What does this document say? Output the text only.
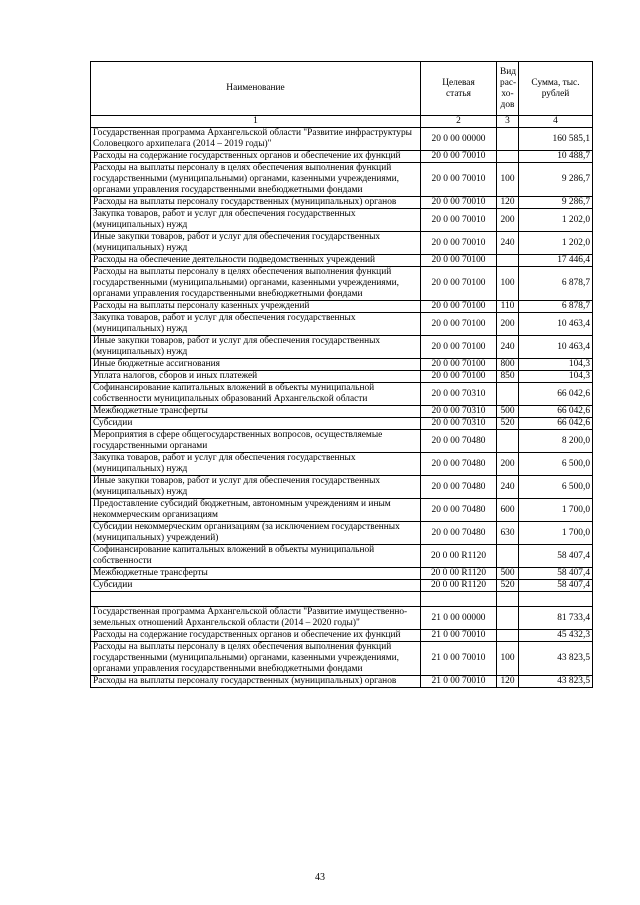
Наименование	Целевая статья	Вид рас-хо-дов	Сумма, тыс. рублей
1	2	3	4
Государственная программа Архангельской области "Развитие инфраструктуры Соловецкого архипелага (2014 – 2019 годы)"	20 0 00 00000		160 585,1
Расходы на содержание государственных органов и обеспечение их функций	20 0 00 70010		10 488,7
Расходы на выплаты персоналу в целях обеспечения выполнения функций государственными (муниципальными) органами, казенными учреждениями, органами управления государственными внебюджетными фондами	20 0 00 70010	100	9 286,7
Расходы на выплаты персоналу государственных (муниципальных) органов	20 0 00 70010	120	9 286,7
Закупка товаров, работ и услуг для обеспечения государственных (муниципальных) нужд	20 0 00 70010	200	1 202,0
Иные закупки товаров, работ и услуг для обеспечения государственных (муниципальных) нужд	20 0 00 70010	240	1 202,0
Расходы на обеспечение деятельности подведомственных учреждений	20 0 00 70100		17 446,4
Расходы на выплаты персоналу в целях обеспечения выполнения функций государственными (муниципальными) органами, казенными учреждениями, органами управления государственными внебюджетными фондами	20 0 00 70100	100	6 878,7
Расходы на выплаты персоналу казенных учреждений	20 0 00 70100	110	6 878,7
Закупка товаров, работ и услуг для обеспечения государственных (муниципальных) нужд	20 0 00 70100	200	10 463,4
Иные закупки товаров, работ и услуг для обеспечения государственных (муниципальных) нужд	20 0 00 70100	240	10 463,4
Иные бюджетные ассигнования	20 0 00 70100	800	104,3
Уплата налогов, сборов и иных платежей	20 0 00 70100	850	104,3
Софинансирование капитальных вложений в объекты муниципальной собственности муниципальных образований Архангельской области	20 0 00 70310		66 042,6
Межбюджетные трансферты	20 0 00 70310	500	66 042,6
Субсидии	20 0 00 70310	520	66 042,6
Мероприятия в сфере общегосударственных вопросов, осуществляемые государственными органами	20 0 00 70480		8 200,0
Закупка товаров, работ и услуг для обеспечения государственных (муниципальных) нужд	20 0 00 70480	200	6 500,0
Иные закупки товаров, работ и услуг для обеспечения государственных (муниципальных) нужд	20 0 00 70480	240	6 500,0
Предоставление субсидий бюджетным, автономным учреждениям и иным некоммерческим организациям	20 0 00 70480	600	1 700,0
Субсидии некоммерческим организациям (за исключением государственных (муниципальных) учреждений)	20 0 00 70480	630	1 700,0
Софинансирование капитальных вложений в объекты муниципальной собственности	20 0 00 R1120		58 407,4
Межбюджетные трансферты	20 0 00 R1120	500	58 407,4
Субсидии	20 0 00 R1120	520	58 407,4

Государственная программа Архангельской области "Развитие имущественно-земельных отношений Архангельской области (2014 – 2020 годы)"	21 0 00 00000		81 733,4
Расходы на содержание государственных органов и обеспечение их функций	21 0 00 70010		45 432,3
Расходы на выплаты персоналу в целях обеспечения выполнения функций государственными (муниципальными) органами, казенными учреждениями, органами управления государственными внебюджетными фондами	21 0 00 70010	100	43 823,5
Расходы на выплаты персоналу государственных (муниципальных) органов	21 0 00 70010	120	43 823,5
43
